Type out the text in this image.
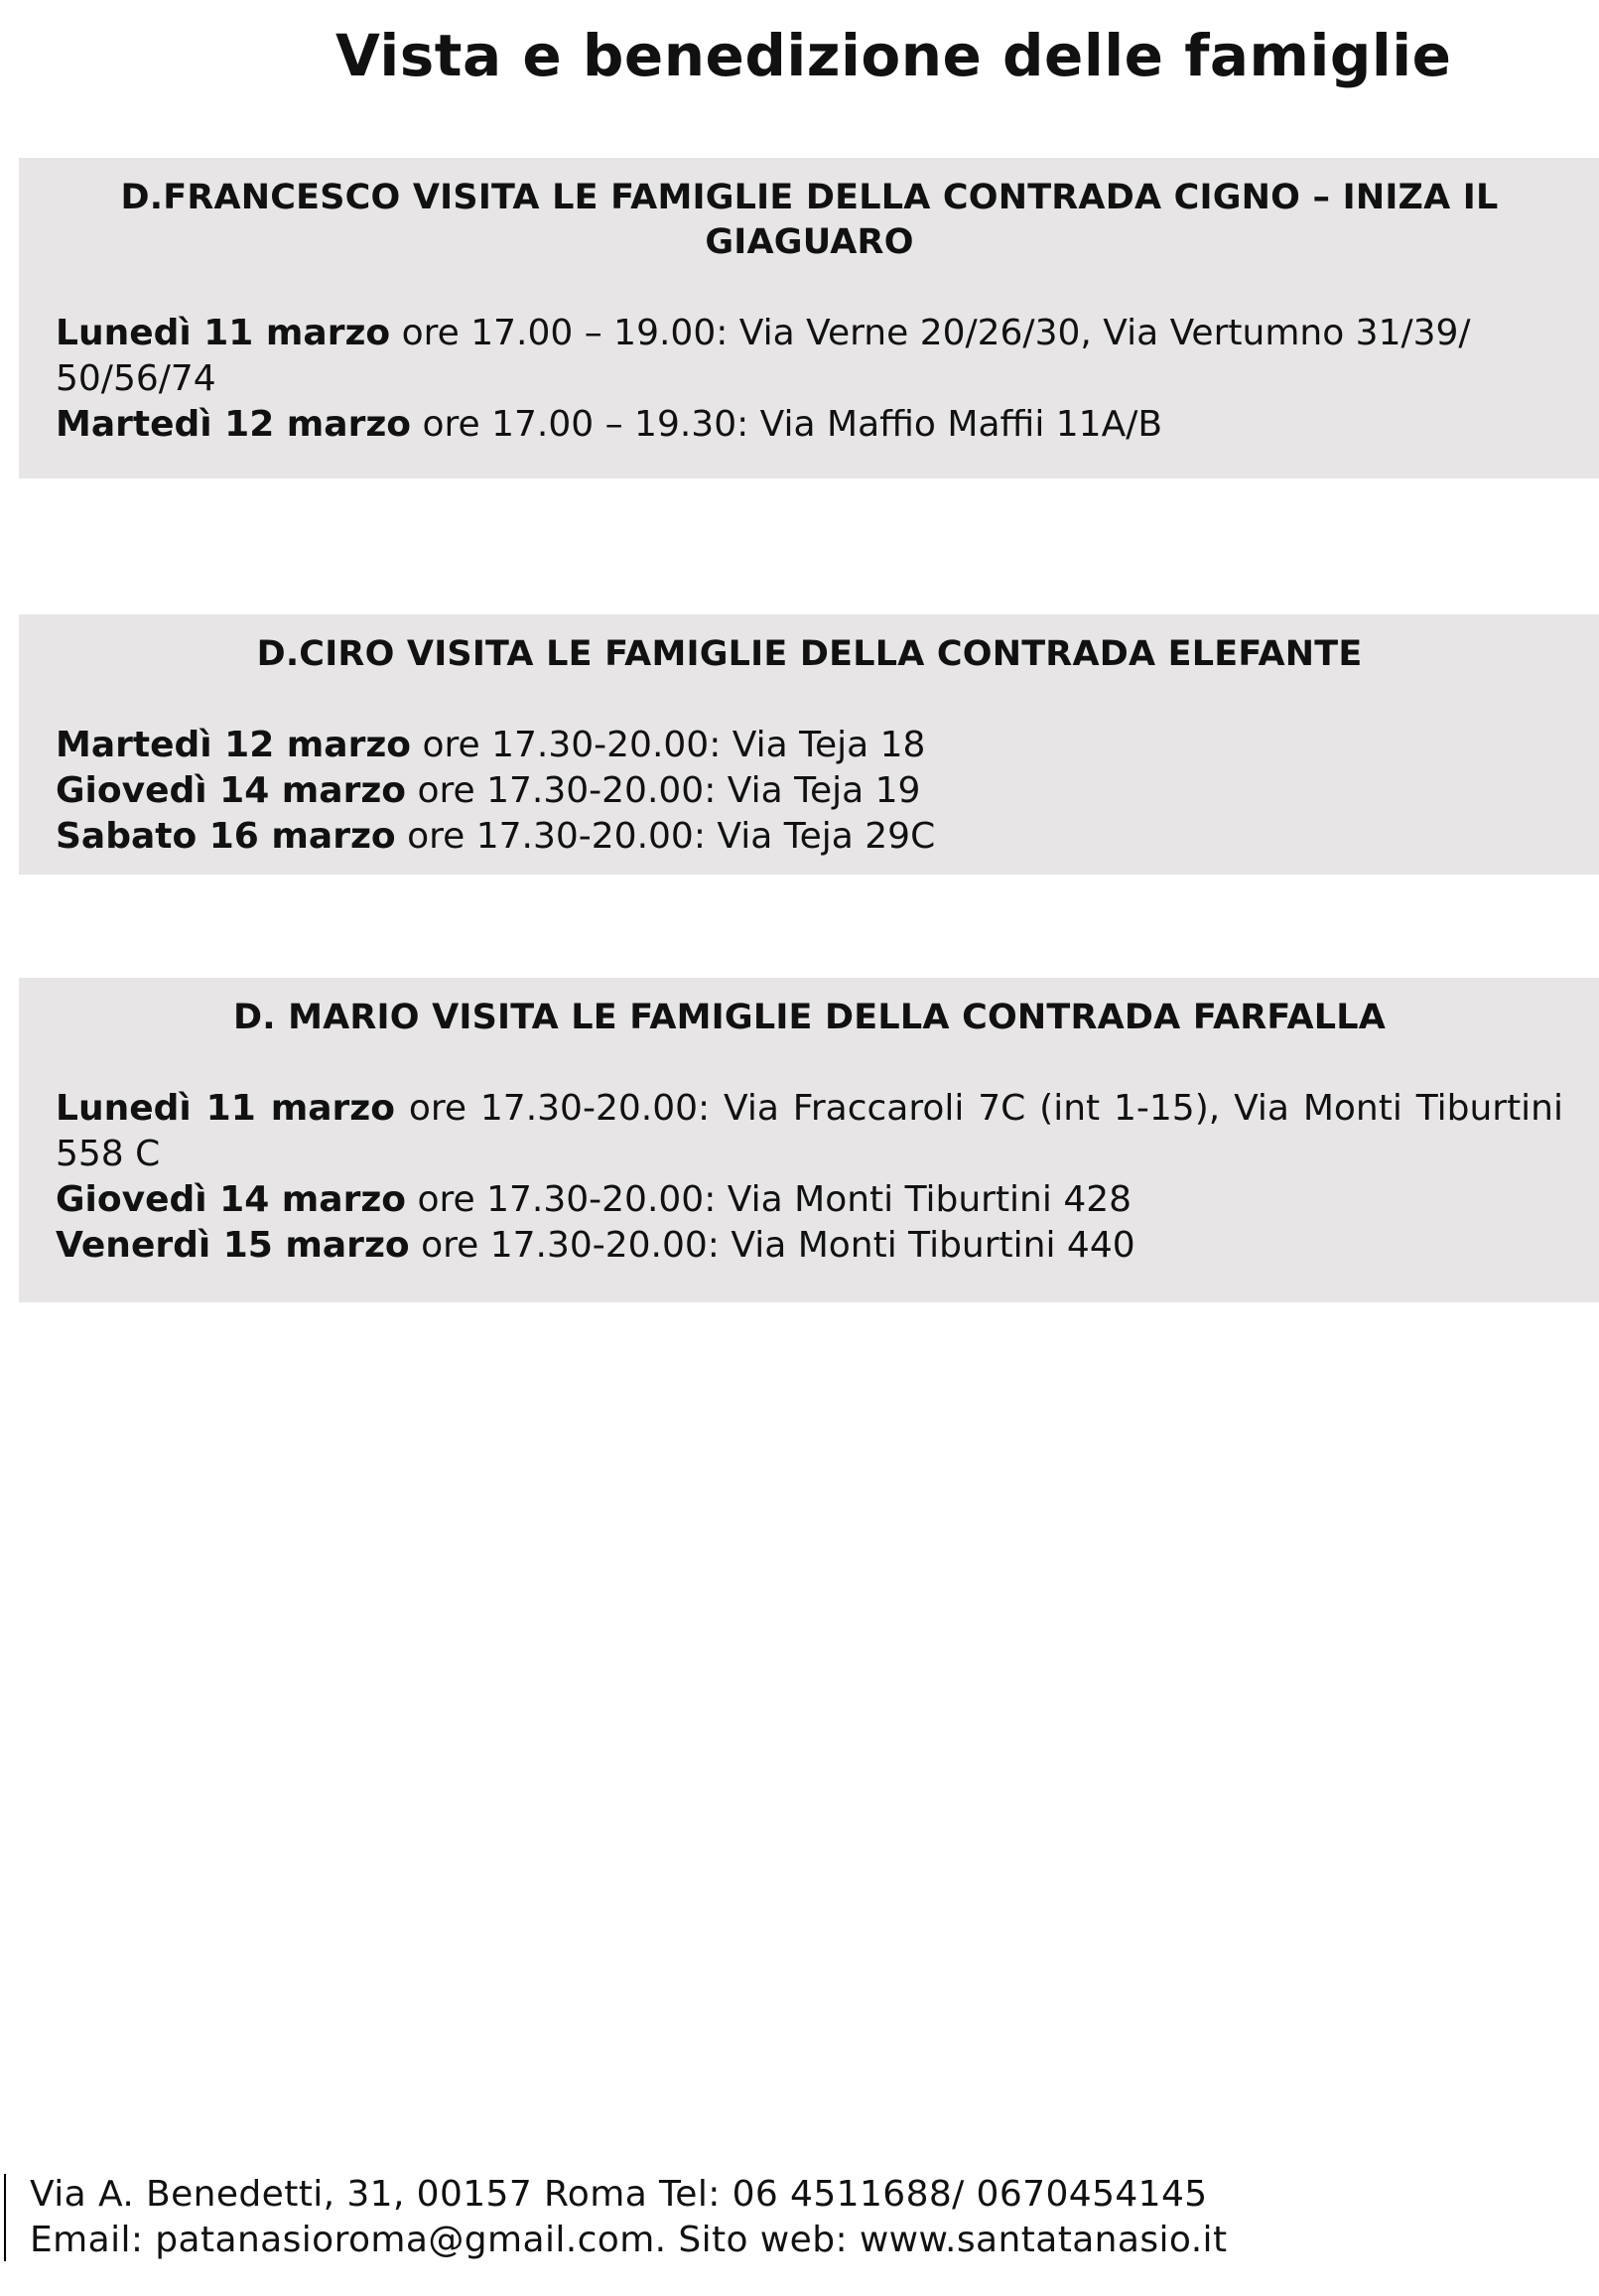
Vista e benedizione delle famiglie

D.FRANCESCO VISITA LE FAMIGLIE DELLA CONTRADA CIGNO – INIZA IL GIAGUARO

Lunedì 11 marzo ore 17.00 – 19.00: Via Verne 20/26/30, Via Vertumno 31/39/ 50/56/74

Martedì 12 marzo ore 17.00 – 19.30: Via Maffio Maffii 11A/B

D.CIRO VISITA LE FAMIGLIE DELLA CONTRADA ELEFANTE

Martedì 12 marzo ore 17.30-20.00: Via Teja 18

Giovedì 14 marzo ore 17.30-20.00: Via Teja 19

Sabato 16 marzo ore 17.30-20.00: Via Teja 29C

D. MARIO VISITA LE FAMIGLIE DELLA CONTRADA FARFALLA

Lunedì 11 marzo ore 17.30-20.00: Via Fraccaroli 7C (int 1-15), Via Monti Tiburtini 558 C

Giovedì 14 marzo ore 17.30-20.00: Via Monti Tiburtini 428

Venerdì 15 marzo ore 17.30-20.00: Via Monti Tiburtini 440

Via A. Benedetti, 31, 00157 Roma Tel: 06 4511688/ 0670454145
Email: patanasioroma@gmail.com. Sito web: www.santatanasio.it
